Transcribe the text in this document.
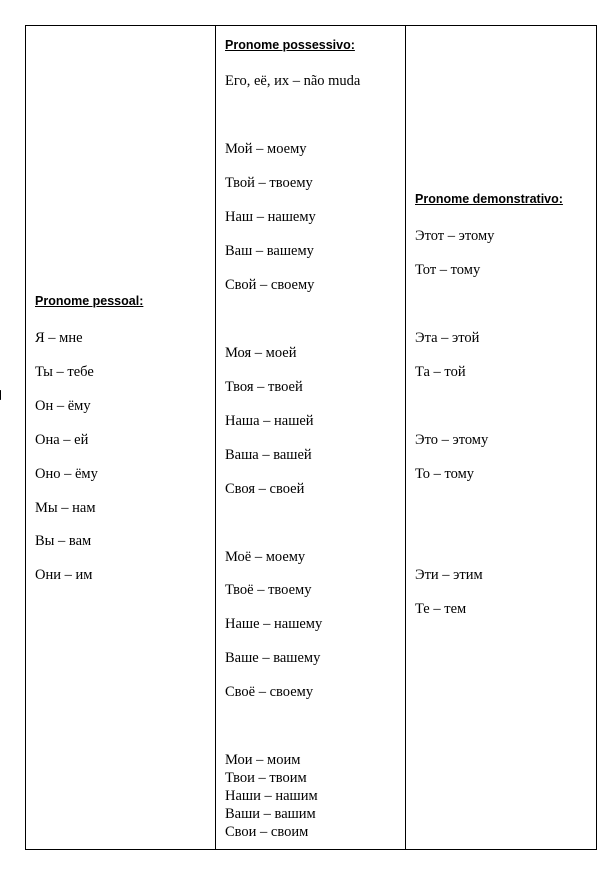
Pronome pessoal:
Я – мне
Ты – тебе
Он – ёму
Она – ей
Оно – ёму
Мы – нам
Вы – вам
Они – им

Pronome possessivo:
Его, её, их – não muda
Мой – моему
Твой – твоему
Наш – нашему
Ваш – вашему
Свой – своему
Моя – моей
Твоя – твоей
Наша – нашей
Ваша – вашей
Своя – своей
Моё – моему
Твоё – твоему
Наше – нашему
Ваше – вашему
Своё – своему
Мои – моим
Твои – твоим
Наши – нашим
Ваши – вашим
Свои – своим

Pronome demonstrativo:
Этот – этому
Тот – тому
Эта – этой
Та – той
Это – этому
То – тому
Эти – этим
Те – тем
